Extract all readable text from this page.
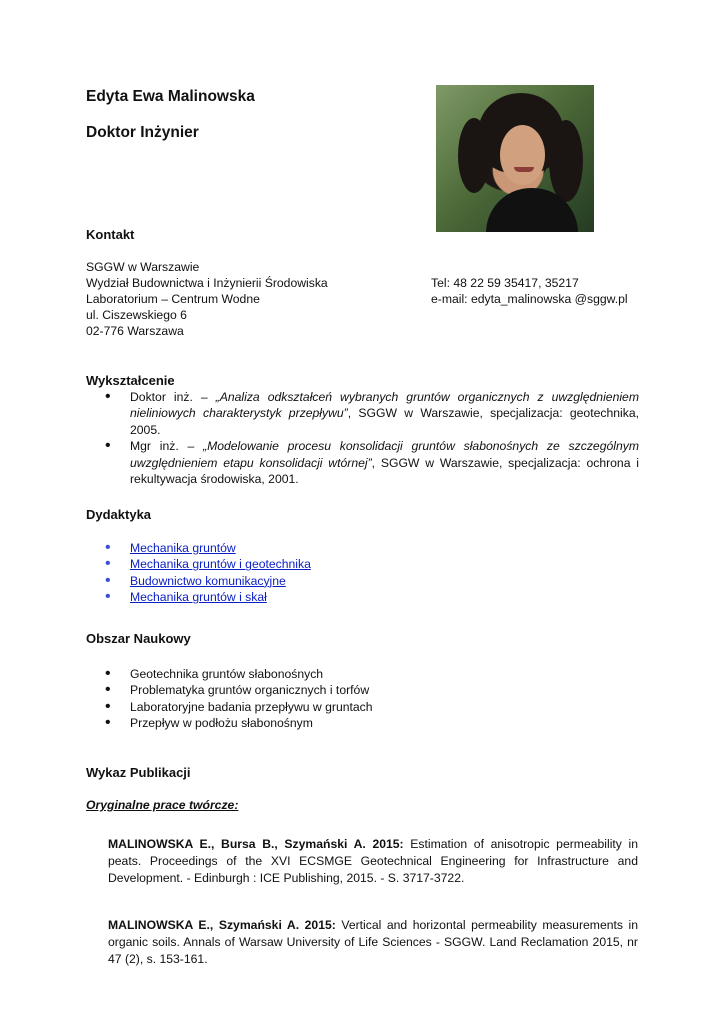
Edyta Ewa Malinowska
Doktor Inżynier
Kontakt
SGGW w Warszawie
Wydział Budownictwa i Inżynierii Środowiska
Laboratorium – Centrum Wodne
ul. Ciszewskiego 6
02-776 Warszawa
Tel: 48 22 59 35417, 35217
e-mail: edyta_malinowska @sggw.pl
Wykształcenie
• Doktor inż. – „Analiza odkształceń wybranych gruntów organicznych z uwzględnieniem nieliniowych charakterystyk przepływu”, SGGW w Warszawie, specjalizacja: geotechnika, 2005.
• Mgr inż. – „Modelowanie procesu konsolidacji gruntów słabonośnych ze szczególnym uwzględnieniem etapu konsolidacji wtórnej”, SGGW w Warszawie, specjalizacja: ochrona i rekultywacja środowiska, 2001.
Dydaktyka
• Mechanika gruntów
• Mechanika gruntów i geotechnika
• Budownictwo komunikacyjne
• Mechanika gruntów i skał
Obszar Naukowy
• Geotechnika gruntów słabonośnych
• Problematyka gruntów organicznych i torfów
• Laboratoryjne badania przepływu w gruntach
• Przepływ w podłożu słabonośnym
Wykaz Publikacji
Oryginalne prace twórcze:
MALINOWSKA E., Bursa B., Szymański A. 2015: Estimation of anisotropic permeability in peats. Proceedings of the XVI ECSMGE Geotechnical Engineering for Infrastructure and Development. - Edinburgh : ICE Publishing, 2015. - S. 3717-3722.
MALINOWSKA E., Szymański A. 2015: Vertical and horizontal permeability measurements in organic soils. Annals of Warsaw University of Life Sciences - SGGW. Land Reclamation 2015, nr 47 (2), s. 153-161.
